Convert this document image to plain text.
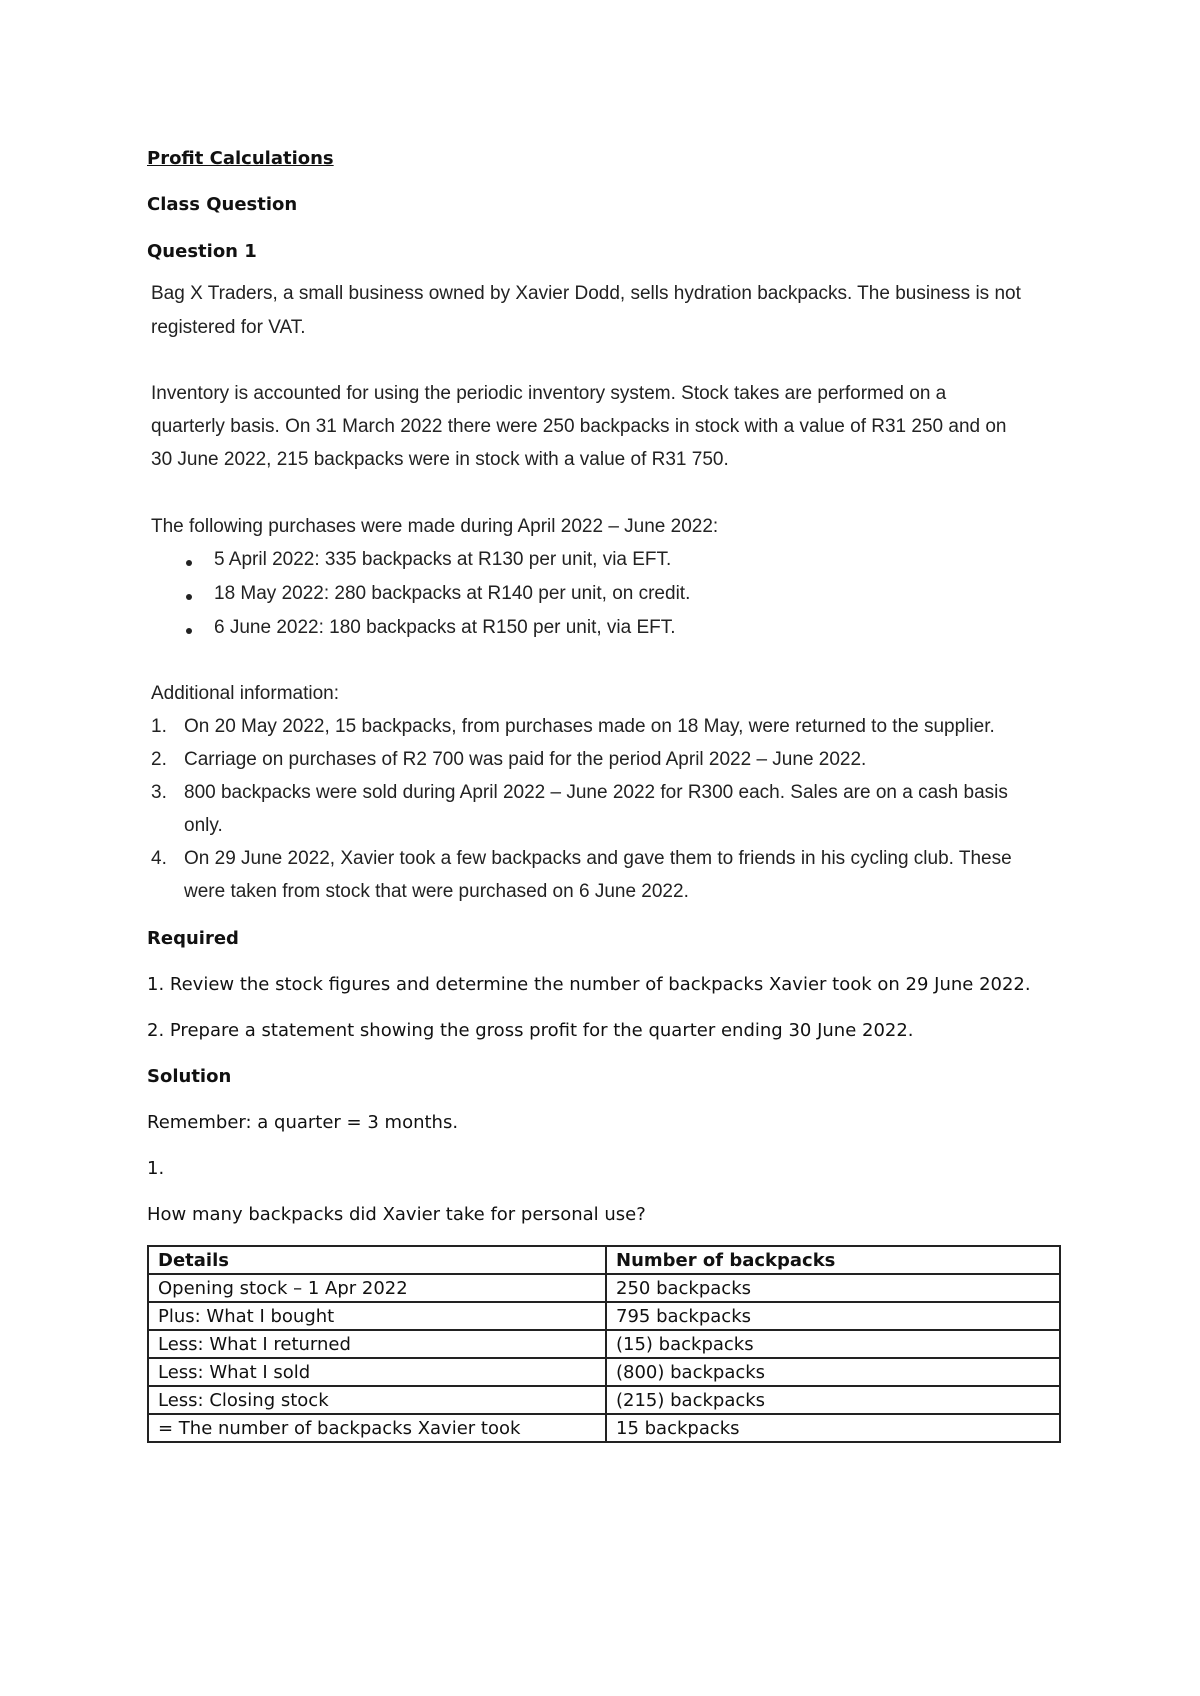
Profit Calculations
Class Question
Question 1
Bag X Traders, a small business owned by Xavier Dodd, sells hydration backpacks. The business is not
registered for VAT.
Inventory is accounted for using the periodic inventory system. Stock takes are performed on a
quarterly basis. On 31 March 2022 there were 250 backpacks in stock with a value of R31 250 and on
30 June 2022, 215 backpacks were in stock with a value of R31 750.
The following purchases were made during April 2022 – June 2022:
5 April 2022: 335 backpacks at R130 per unit, via EFT.
18 May 2022: 280 backpacks at R140 per unit, on credit.
6 June 2022: 180 backpacks at R150 per unit, via EFT.
Additional information:
1. On 20 May 2022, 15 backpacks, from purchases made on 18 May, were returned to the supplier.
2. Carriage on purchases of R2 700 was paid for the period April 2022 – June 2022.
3. 800 backpacks were sold during April 2022 – June 2022 for R300 each. Sales are on a cash basis
only.
4. On 29 June 2022, Xavier took a few backpacks and gave them to friends in his cycling club. These
were taken from stock that were purchased on 6 June 2022.
Required
1. Review the stock figures and determine the number of backpacks Xavier took on 29 June 2022.
2. Prepare a statement showing the gross profit for the quarter ending 30 June 2022.
Solution
Remember: a quarter = 3 months.
1.
How many backpacks did Xavier take for personal use?
Details	Number of backpacks
Opening stock – 1 Apr 2022	250 backpacks
Plus: What I bought	795 backpacks
Less: What I returned	(15) backpacks
Less: What I sold	(800) backpacks
Less: Closing stock	(215) backpacks
= The number of backpacks Xavier took	15 backpacks
